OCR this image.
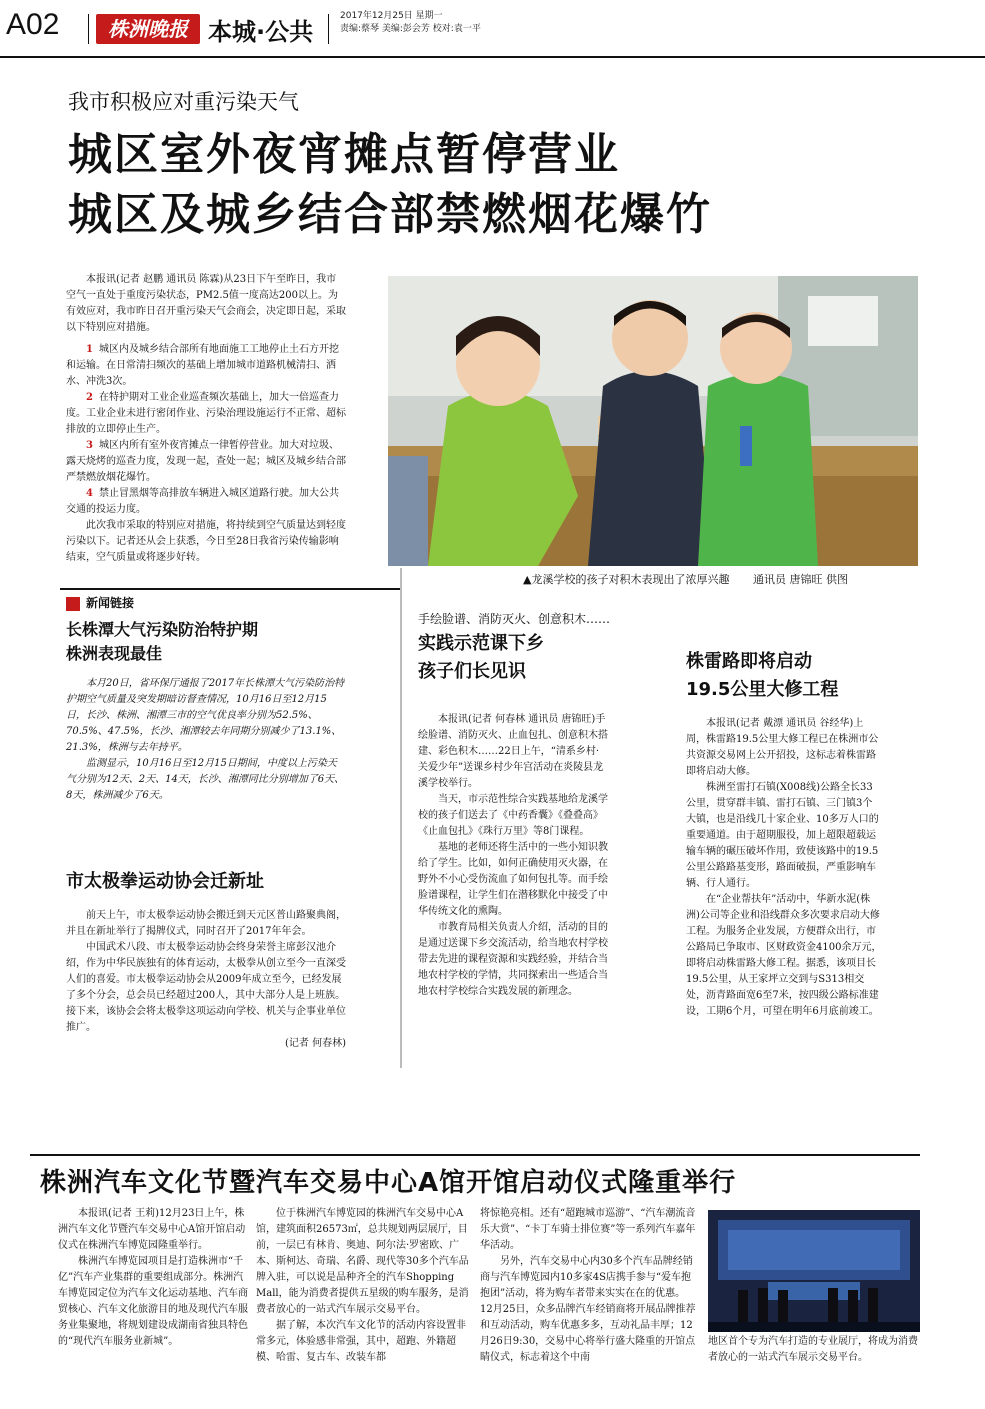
A02	株洲晚报 本城·公共
2017年12月25日 星期一
责编:蔡琴 美编:彭会芳 校对:袁一平
我市积极应对重污染天气
城区室外夜宵摊点暂停营业
城区及城乡结合部禁燃烟花爆竹

本报讯(记者 赵鹏 通讯员 陈霖)从23日下午至昨日，我市空气一直处于重度污染状态，PM2.5值一度高达200以上。为有效应对，我市昨日召开重污染天气会商会，决定即日起，采取以下特别应对措施。

1 城区内及城乡结合部所有地面施工工地停止土石方开挖和运输。在日常清扫频次的基础上增加城市道路机械清扫、洒水、冲洗3次。

2 在特护期对工业企业巡查频次基础上，加大一倍巡查力度。工业企业未进行密闭作业、污染治理设施运行不正常、超标排放的立即停止生产。

3 城区内所有室外夜宵摊点一律暂停营业。加大对垃圾、露天烧烤的巡查力度，发现一起，查处一起；城区及城乡结合部严禁燃放烟花爆竹。

4 禁止冒黑烟等高排放车辆进入城区道路行驶。加大公共交通的投运力度。

此次我市采取的特别应对措施，将持续到空气质量达到轻度污染以下。记者还从会上获悉，今日至28日我省污染传输影响结束，空气质量或将逐步好转。

▲龙溪学校的孩子对积木表现出了浓厚兴趣 通讯员 唐锦旺 供图
新闻链接
长株潭大气污染防治特护期
株洲表现最佳

本月20日，省环保厅通报了2017年长株潭大气污染防治特护期空气质量及突发期暗访督查情况，10月16日至12月15日，长沙、株洲、湘潭三市的空气优良率分别为52.5%、70.5%、47.5%，长沙、湘潭较去年同期分别减少了13.1%、21.3%，株洲与去年持平。

监测显示，10月16日至12月15日期间，中度以上污染天气分别为12天、2天、14天，长沙、湘潭同比分别增加了6天、8天，株洲减少了6天。

市太极拳运动协会迁新址

前天上午，市太极拳运动协会搬迁到天元区普山路聚典阁，并且在新址举行了揭牌仪式，同时召开了2017年年会。

中国武术八段、市太极拳运动协会终身荣誉主席彭汉池介绍，作为中华民族独有的体育运动，太极拳从创立至今一直深受人们的喜爱。市太极拳运动协会从2009年成立至今，已经发展了多个分会，总会员已经超过200人，其中大部分人是上班族。接下来，该协会会将太极拳这项运动向学校、机关与企事业单位推广。

(记者 何春林)

手绘脸谱、消防灭火、创意积木……
实践示范课下乡
孩子们长见识

本报讯(记者 何春林 通讯员 唐锦旺)手绘脸谱、消防灭火、止血包扎、创意积木搭建、彩色积木……22日上午，“清系乡村·关爱少年”送课乡村少年宫活动在炎陵县龙溪学校举行。

当天，市示范性综合实践基地给龙溪学校的孩子们送去了《中药香囊》《叠叠高》《止血包扎》《珠行万里》等8门课程。

基地的老师还将生活中的一些小知识教给了学生。比如，如何正确使用灭火器，在野外不小心受伤流血了如何包扎等。而手绘脸谱课程，让学生们在潜移默化中接受了中华传统文化的熏陶。

市教育局相关负责人介绍，活动的目的是通过送课下乡交流活动，给当地农村学校带去先进的课程资源和实践经验，并结合当地农村学校的学情，共同探索出一些适合当地农村学校综合实践发展的新理念。

株雷路即将启动
19.5公里大修工程

本报讯(记者 戴漂 通讯员 谷经华)上周，株雷路19.5公里大修工程已在株洲市公共资源交易网上公开招投，这标志着株雷路即将启动大修。

株洲至雷打石镇(X008线)公路全长33公里，贯穿群丰镇、雷打石镇、三门镇3个大镇，也是沿线几十家企业、10多万人口的重要通道。由于超期服役，加上超限超载运输车辆的碾压破坏作用，致使该路中的19.5公里公路路基变形，路面破损，严重影响车辆、行人通行。

在“企业帮扶年”活动中，华新水泥(株洲)公司等企业和沿线群众多次要求启动大修工程。为服务企业发展，方便群众出行，市公路局已争取市、区财政资金4100余万元，即将启动株雷路大修工程。据悉，该项目长19.5公里，从王家坪立交到与S313相交处，沥青路面宽6至7米，按四级公路标准建设，工期6个月，可望在明年6月底前竣工。

株洲汽车文化节暨汽车交易中心A馆开馆启动仪式隆重举行

本报讯(记者 王莉)12月23日上午，株洲汽车文化节暨汽车交易中心A馆开馆启动仪式在株洲汽车博览园隆重举行。

株洲汽车博览园项目是打造株洲市“千亿”汽车产业集群的重要组成部分。株洲汽车博览园定位为汽车文化运动基地、汽车商贸核心、汽车文化旅游目的地及现代汽车服务业集聚地，将规划建设成湖南省独具特色的“现代汽车服务业新城”。

位于株洲汽车博览园的株洲汽车交易中心A馆，建筑面积26573㎡，总共规划两层展厅，目前，一层已有林肯、奥迪、阿尔法·罗密欧、广本、斯柯达、奇瑞、名爵、现代等30多个汽车品牌入驻，可以说是品种齐全的汽车Shopping Mall，能为消费者提供五星级的购车服务，是消费者放心的一站式汽车展示交易平台。

据了解，本次汽车文化节的活动内容设置非常多元，体验感非常强，其中，超跑、外籍超模、哈雷、复古车、改装车都

将惊艳亮相。还有“超跑城市巡游”、“汽车潮流音乐大赏”、“卡丁车骑士排位赛”等一系列汽车嘉年华活动。

另外，汽车交易中心内30多个汽车品牌经销商与汽车博览园内10多家4S店携手参与“爱车抱抱团”活动，将为购车者带来实实在在的优惠。12月25日，众多品牌汽车经销商将开展品牌推荐和互动活动，购车优惠多多，互动礼品丰厚；12月26日9:30，交易中心将举行盛大隆重的开馆点睛仪式，标志着这个中南

地区首个专为汽车打造的专业展厅，将成为消费者放心的一站式汽车展示交易平台。
